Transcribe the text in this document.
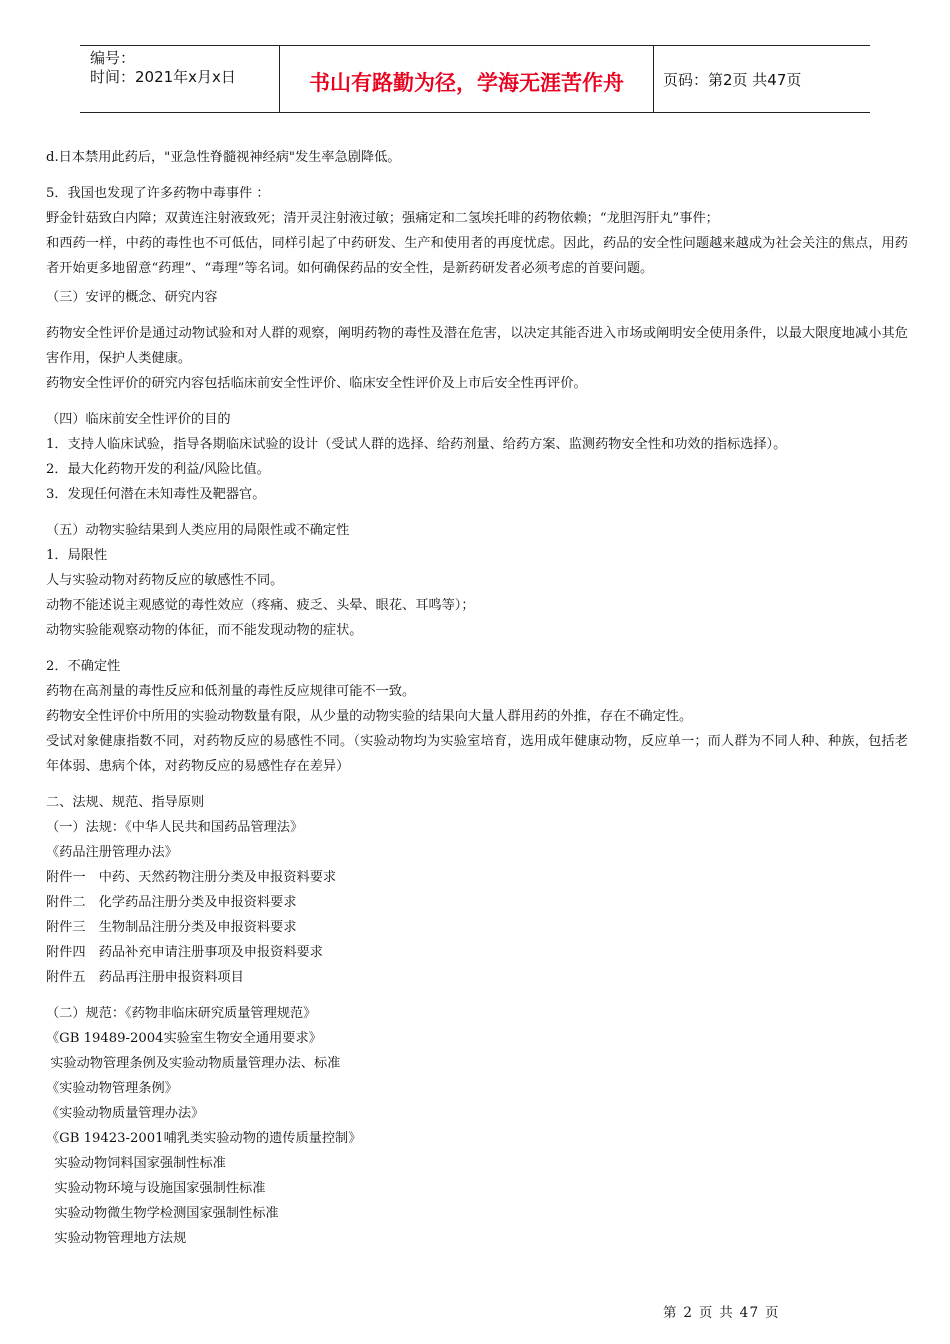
编号：
时间：2021年x月x日	书山有路勤为径，学海无涯苦作舟	页码：第2页 共47页

d.日本禁用此药后，"亚急性脊髓视神经病"发生率急剧降低。

5．我国也发现了许多药物中毒事件 ：

野金针菇致白内障；双黄连注射液致死；清开灵注射液过敏；强痛定和二氢埃托啡的药物依赖；“龙胆泻肝丸”事件；

和西药一样，中药的毒性也不可低估，同样引起了中药研发、生产和使用者的再度忧虑。因此，药品的安全性问题越来越成为社会关注的焦点，用药者开始更多地留意“药理”、“毒理”等名词。如何确保药品的安全性，是新药研发者必须考虑的首要问题。

（三）安评的概念、研究内容

药物安全性评价是通过动物试验和对人群的观察，阐明药物的毒性及潜在危害，以决定其能否进入市场或阐明安全使用条件，以最大限度地减小其危害作用，保护人类健康。

药物安全性评价的研究内容包括临床前安全性评价、临床安全性评价及上市后安全性再评价。

（四）临床前安全性评价的目的

1．支持人临床试验，指导各期临床试验的设计（受试人群的选择、给药剂量、给药方案、监测药物安全性和功效的指标选择）。

2．最大化药物开发的利益/风险比值。

3．发现任何潜在未知毒性及靶器官。

（五）动物实验结果到人类应用的局限性或不确定性

1．局限性

人与实验动物对药物反应的敏感性不同。

动物不能述说主观感觉的毒性效应（疼痛、疲乏、头晕、眼花、耳鸣等）；

动物实验能观察动物的体征，而不能发现动物的症状。

2．不确定性

药物在高剂量的毒性反应和低剂量的毒性反应规律可能不一致。

药物安全性评价中所用的实验动物数量有限，从少量的动物实验的结果向大量人群用药的外推，存在不确定性。

受试对象健康指数不同，对药物反应的易感性不同。（实验动物均为实验室培育，选用成年健康动物，反应单一；而人群为不同人种、种族，包括老年体弱、患病个体，对药物反应的易感性存在差异）

二、法规、规范、指导原则

（一）法规：《中华人民共和国药品管理法》

《药品注册管理办法》

附件一　中药、天然药物注册分类及申报资料要求

附件二　化学药品注册分类及申报资料要求

附件三　生物制品注册分类及申报资料要求

附件四　药品补充申请注册事项及申报资料要求

附件五　药品再注册申报资料项目

（二）规范：《药物非临床研究质量管理规范》

《GB 19489-2004实验室生物安全通用要求》

实验动物管理条例及实验动物质量管理办法、标准

《实验动物管理条例》

《实验动物质量管理办法》

《GB 19423-2001哺乳类实验动物的遗传质量控制》

实验动物饲料国家强制性标准

实验动物环境与设施国家强制性标准

实验动物微生物学检测国家强制性标准

实验动物管理地方法规

第 2 页 共 47 页
